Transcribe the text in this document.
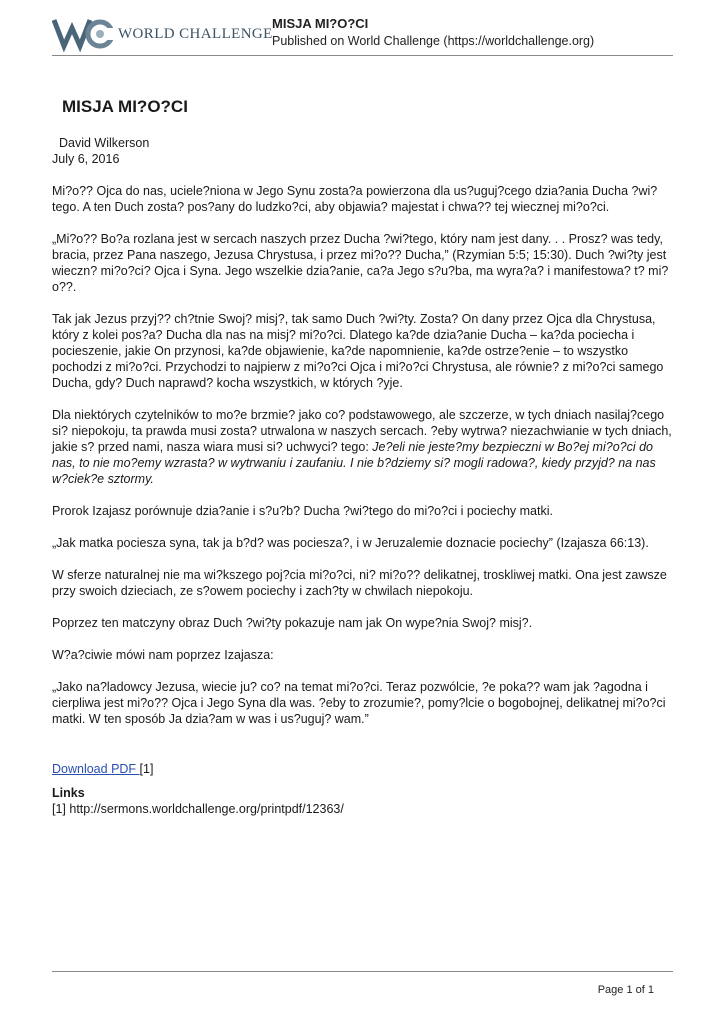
WORLD CHALLENGE
MISJA MI?O?CI
Published on World Challenge (https://worldchallenge.org)
MISJA MI?O?CI
David Wilkerson
July 6, 2016

Mi?o?? Ojca do nas, uciele?niona w Jego Synu zosta?a powierzona dla us?uguj?cego dzia?ania Ducha ?wi?tego. A ten Duch zosta? pos?any do ludzko?ci, aby objawia? majestat i chwa?? tej wiecznej mi?o?ci.

„Mi?o?? Bo?a rozlana jest w sercach naszych przez Ducha ?wi?tego, który nam jest dany. . . Prosz? was tedy, bracia, przez Pana naszego, Jezusa Chrystusa, i przez mi?o?? Ducha,” (Rzymian 5:5; 15:30). Duch ?wi?ty jest wieczn? mi?o?ci? Ojca i Syna. Jego wszelkie dzia?anie, ca?a Jego s?u?ba, ma wyra?a? i manifestowa? t? mi?o??.

Tak jak Jezus przyj?? ch?tnie Swoj? misj?, tak samo Duch ?wi?ty. Zosta? On dany przez Ojca dla Chrystusa, który z kolei pos?a? Ducha dla nas na misj? mi?o?ci. Dlatego ka?de dzia?anie Ducha – ka?da pociecha i pocieszenie, jakie On przynosi, ka?de objawienie, ka?de napomnienie, ka?de ostrze?enie – to wszystko pochodzi z mi?o?ci. Przychodzi to najpierw z mi?o?ci Ojca i mi?o?ci Chrystusa, ale równie? z mi?o?ci samego Ducha, gdy? Duch naprawd? kocha wszystkich, w których ?yje.

Dla niektórych czytelników to mo?e brzmie? jako co? podstawowego, ale szczerze, w tych dniach nasilaj?cego si? niepokoju, ta prawda musi zosta? utrwalona w naszych sercach. ?eby wytrwa? niezachwianie w tych dniach, jakie s? przed nami, nasza wiara musi si? uchwyci? tego: Je?eli nie jeste?my bezpieczni w Bo?ej mi?o?ci do nas, to nie mo?emy wzrasta? w wytrwaniu i zaufaniu. I nie b?dziemy si? mogli radowa?, kiedy przyjd? na nas w?ciek?e sztormy.

Prorok Izajasz porównuje dzia?anie i s?u?b? Ducha ?wi?tego do mi?o?ci i pociechy matki.

„Jak matka pociesza syna, tak ja b?d? was pociesza?, i w Jeruzalemie doznacie pociechy” (Izajasza 66:13).

W sferze naturalnej nie ma wi?kszego poj?cia mi?o?ci, ni? mi?o?? delikatnej, troskliwej matki. Ona jest zawsze przy swoich dzieciach, ze s?owem pociechy i zach?ty w chwilach niepokoju.

Poprzez ten matczyny obraz Duch ?wi?ty pokazuje nam jak On wype?nia Swoj? misj?.

W?a?ciwie mówi nam poprzez Izajasza:

„Jako na?ladowcy Jezusa, wiecie ju? co? na temat mi?o?ci. Teraz pozwólcie, ?e poka?? wam jak ?agodna i cierpliwa jest mi?o?? Ojca i Jego Syna dla was. ?eby to zrozumie?, pomy?lcie o bogobojnej, delikatnej mi?o?ci matki. W ten sposób Ja dzia?am w was i us?uguj? wam.”

Download PDF [1]
Links
[1] http://sermons.worldchallenge.org/printpdf/12363/
Page 1 of 1
